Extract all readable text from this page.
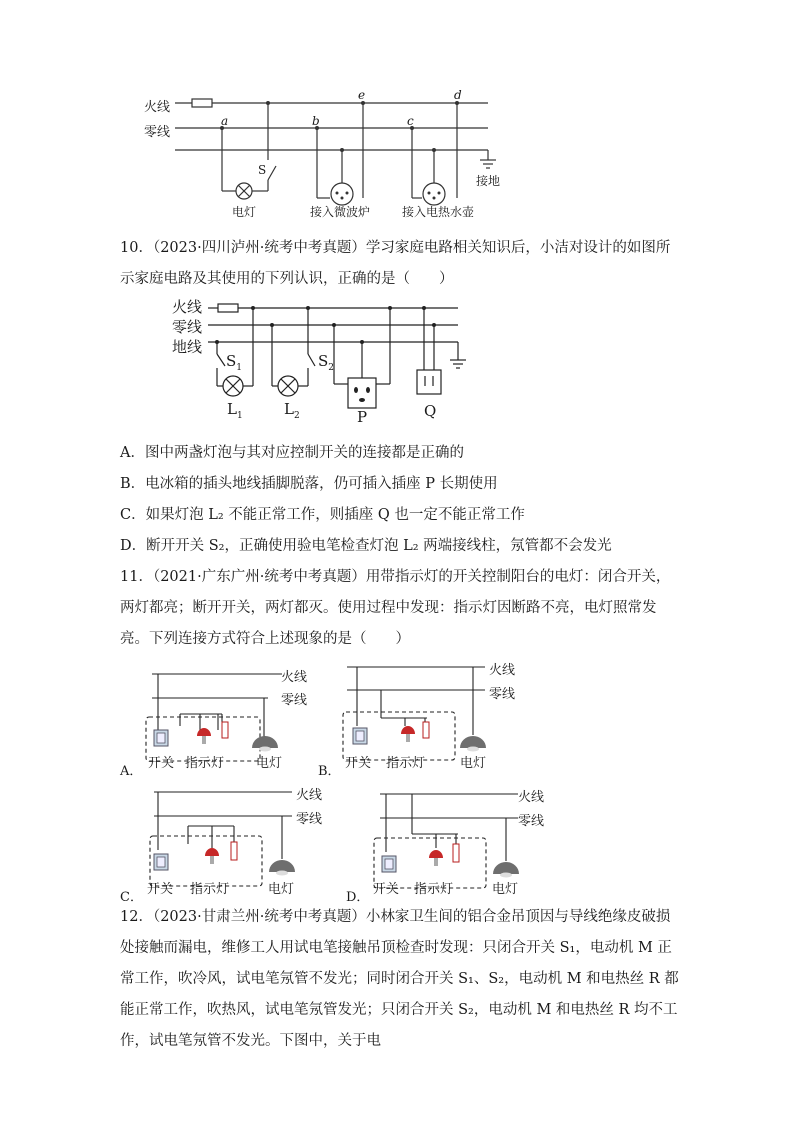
火线
零线
接地
a	b	c
d
e
S
电灯	接入微波炉	接入电热水壶
10．（2023·四川泸州·统考中考真题）学习家庭电路相关知识后，小洁对设计的如图所示家庭电路及其使用的下列认识，正确的是（　　）
火线
零线
地线
$S_1$	$S_2$
$L_1$	$L_2$	P	Q
A．图中两盏灯泡与其对应控制开关的连接都是正确的
B．电冰箱的插头地线插脚脱落，仍可插入插座 P 长期使用
C．如果灯泡 L₂ 不能正常工作，则插座 Q 也一定不能正常工作
D．断开开关 S₂，正确使用验电笔检查灯泡 L₂ 两端接线柱，氖管都不会发光
11．（2021·广东广州·统考中考真题）用带指示灯的开关控制阳台的电灯：闭合开关，两灯都亮；断开开关，两灯都灭。使用过程中发现：指示灯因断路不亮，电灯照常发亮。下列连接方式符合上述现象的是（　　）
火线
零线
开关 指示灯 电灯
A．
火线
零线
开关 指示灯	电灯
B．
火线
零线
开关 指示灯	电灯
C．
火线
零线
开关 指示灯	电灯
D．
12．（2023·甘肃兰州·统考中考真题）小林家卫生间的铝合金吊顶因与导线绝缘皮破损处接触而漏电，维修工人用试电笔接触吊顶检查时发现：只闭合开关 S₁，电动机 M 正常工作，吹冷风，试电笔氖管不发光；同时闭合开关 S₁、S₂，电动机 M 和电热丝 R 都能正常工作，吹热风，试电笔氖管发光；只闭合开关 S₂，电动机 M 和电热丝 R 均不工作，试电笔氖管不发光。下图中，关于电
